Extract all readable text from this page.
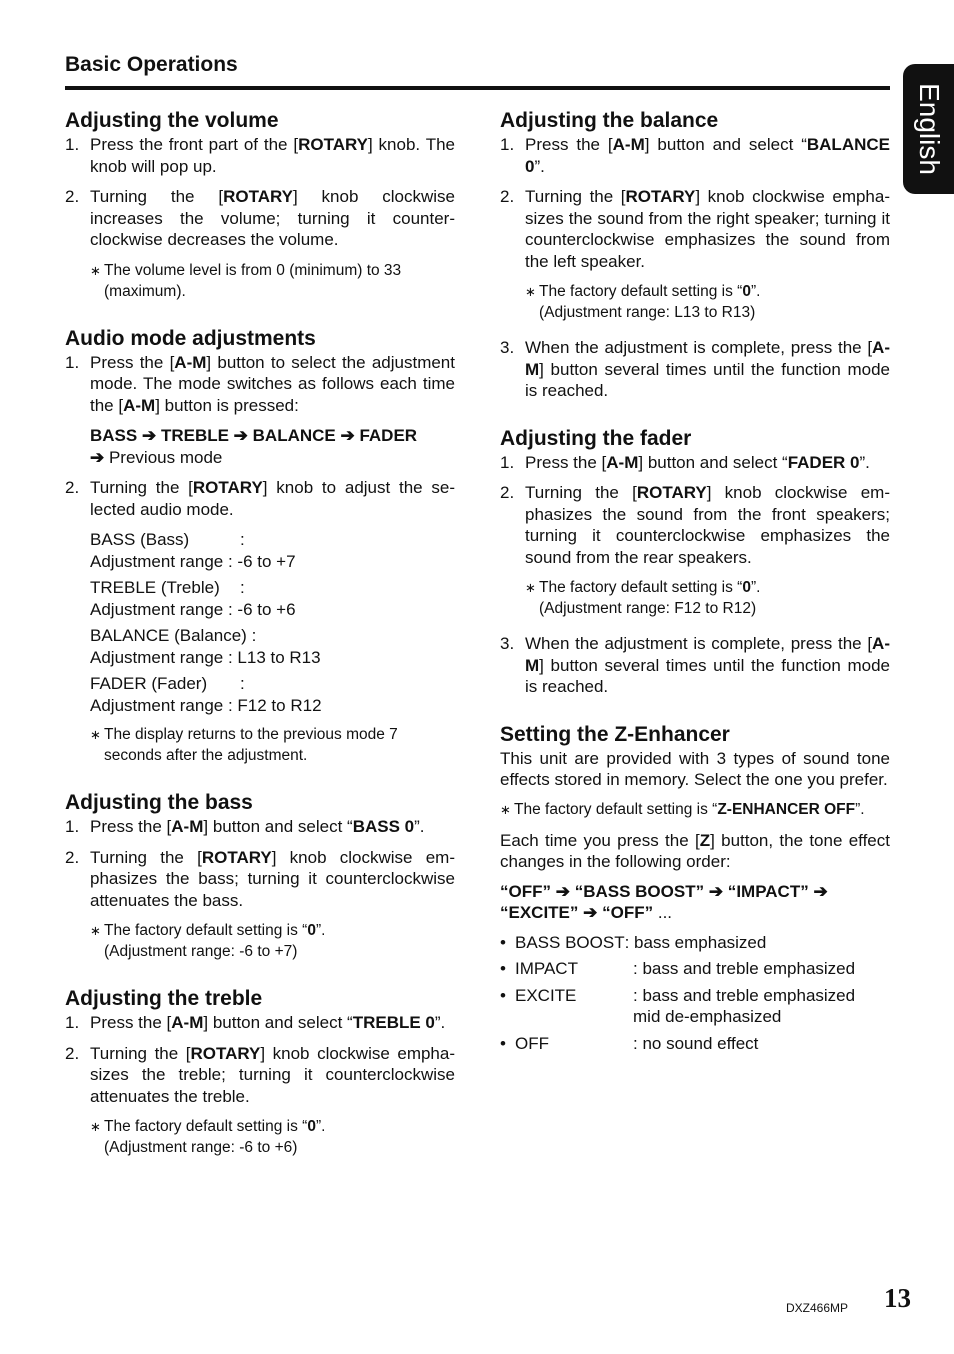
Basic Operations
English
Adjusting the volume
1. Press the front part of the [ROTARY] knob. The knob will pop up.
2. Turning the [ROTARY] knob clockwise increases the volume; turning it counter-clockwise decreases the volume.
∗ The volume level is from 0 (minimum) to 33 (maximum).
Audio mode adjustments
1. Press the [A-M] button to select the adjustment mode. The mode switches as follows each time the [A-M] button is pressed:
BASS ➔ TREBLE ➔ BALANCE ➔ FADER
➔ Previous mode
2. Turning the [ROTARY] knob to adjust the se-lected audio mode.
BASS (Bass)	:
Adjustment range : -6 to +7
TREBLE (Treble) :
Adjustment range : -6 to +6
BALANCE (Balance) :
Adjustment range : L13 to R13
FADER (Fader) :
Adjustment range : F12 to R12
∗ The display returns to the previous mode 7 seconds after the adjustment.
Adjusting the bass
1. Press the [A-M] button and select “BASS 0”.
2. Turning the [ROTARY] knob clockwise em-phasizes the bass; turning it counterclockwise attenuates the bass.
∗ The factory default setting is “0”.
(Adjustment range: -6 to +7)
Adjusting the treble
1. Press the [A-M] button and select “TREBLE 0”.
2. Turning the [ROTARY] knob clockwise empha-sizes the treble; turning it counterclockwise attenuates the treble.
∗ The factory default setting is “0”.
(Adjustment range: -6 to +6)
Adjusting the balance
1. Press the [A-M] button and select “BALANCE 0”.
2. Turning the [ROTARY] knob clockwise empha-sizes the sound from the right speaker; turning it counterclockwise emphasizes the sound from the left speaker.
∗ The factory default setting is “0”.
(Adjustment range: L13 to R13)
3. When the adjustment is complete, press the [A-M] button several times until the function mode is reached.
Adjusting the fader
1. Press the [A-M] button and select “FADER 0”.
2. Turning the [ROTARY] knob clockwise em-phasizes the sound from the front speakers; turning it counterclockwise emphasizes the sound from the rear speakers.
∗ The factory default setting is “0”.
(Adjustment range: F12 to R12)
3. When the adjustment is complete, press the [A-M] button several times until the function mode is reached.
Setting the Z-Enhancer
This unit are provided with 3 types of sound tone effects stored in memory. Select the one you prefer.
∗ The factory default setting is “Z-ENHANCER OFF”.
Each time you press the [Z] button, the tone effect changes in the following order:
“OFF” ➔ “BASS BOOST” ➔ “IMPACT” ➔
“EXCITE” ➔ “OFF” ...
• BASS BOOST : bass emphasized
• IMPACT	: bass and treble emphasized
• EXCITE	: bass and treble emphasized mid de-emphasized
• OFF	: no sound effect
DXZ466MP 13
